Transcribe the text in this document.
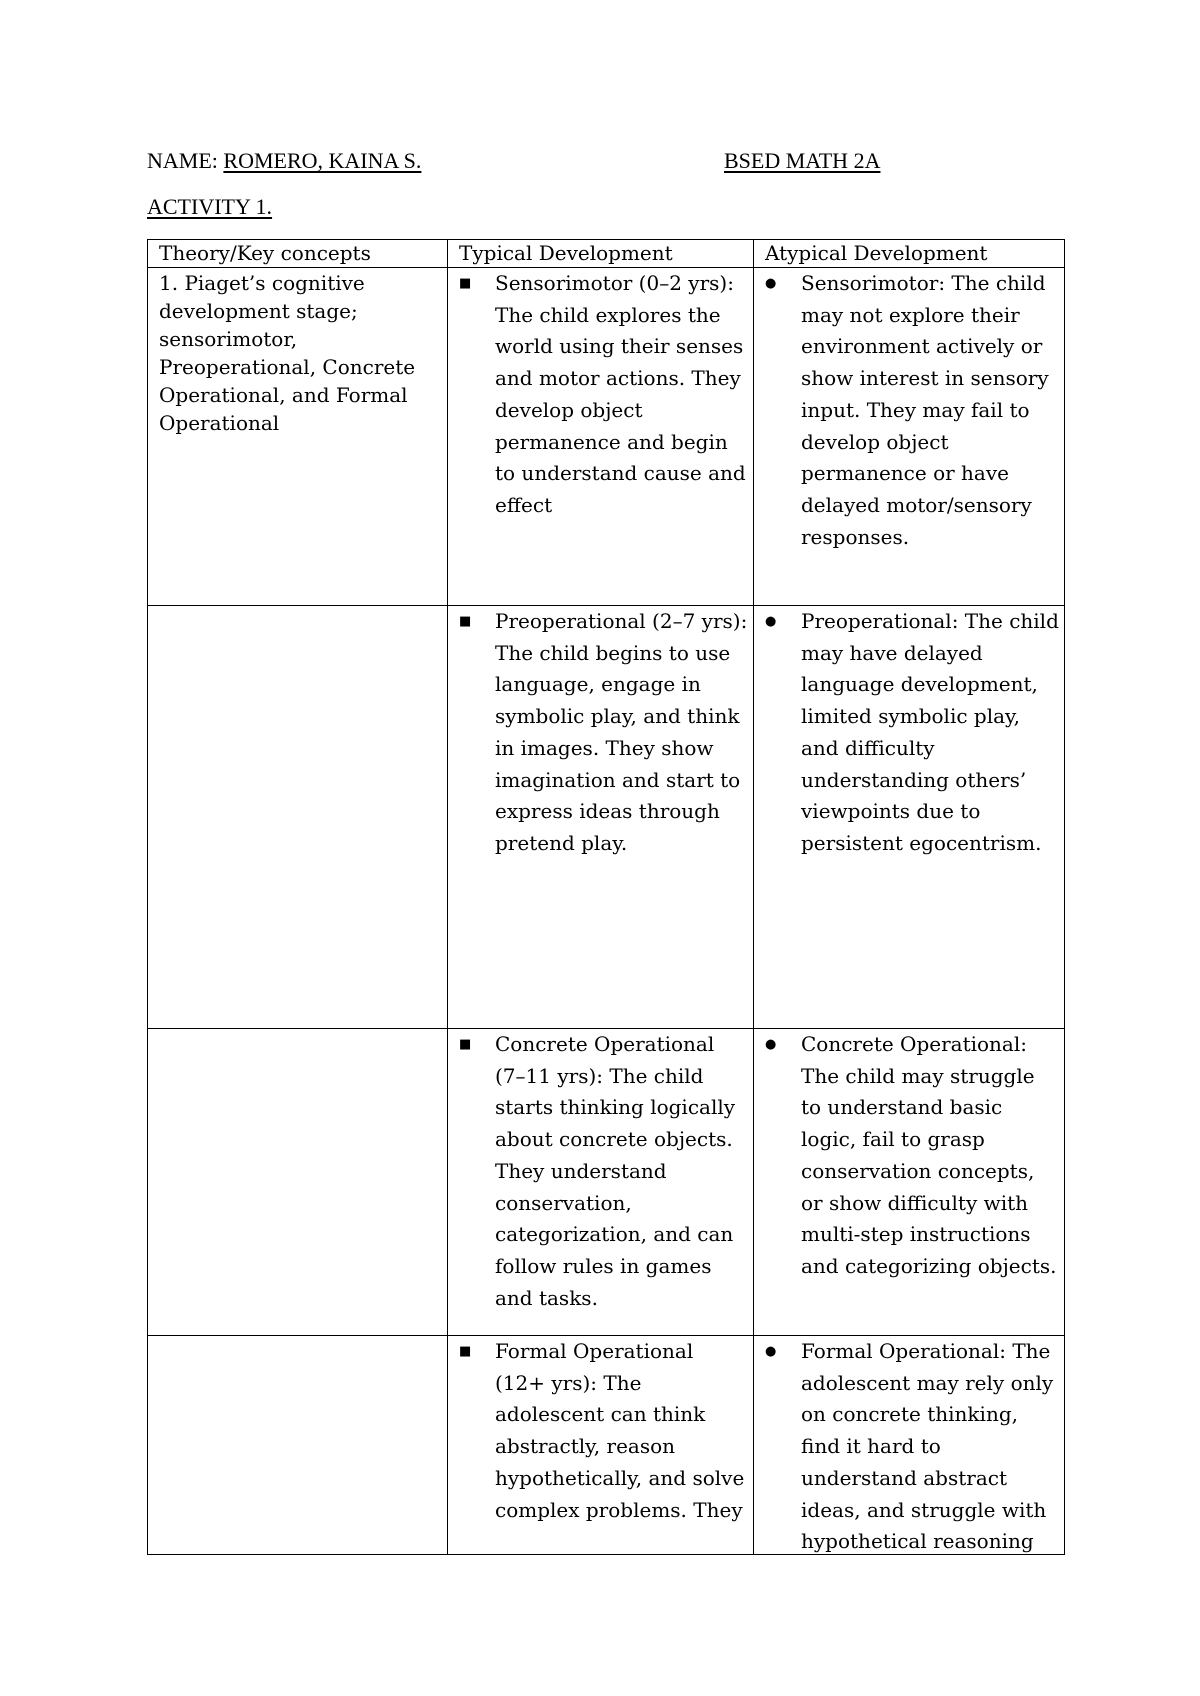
NAME: ROMERO, KAINA S.	BSED MATH 2A
ACTIVITY 1.
Theory/Key concepts	Typical Development	Atypical Development

1. Piaget’s cognitive development stage; sensorimotor, Preoperational, Concrete Operational, and Formal Operational	■ Sensorimotor (0–2 yrs): The child explores the world using their senses and motor actions. They develop object permanence and begin to understand cause and effect	● Sensorimotor: The child may not explore their environment actively or show interest in sensory input. They may fail to develop object permanence or have delayed motor/sensory responses.

	■ Preoperational (2–7 yrs): The child begins to use language, engage in symbolic play, and think in images. They show imagination and start to express ideas through pretend play.	● Preoperational: The child may have delayed language development, limited symbolic play, and difficulty understanding others’ viewpoints due to persistent egocentrism.

	■ Concrete Operational (7–11 yrs): The child starts thinking logically about concrete objects. They understand conservation, categorization, and can follow rules in games and tasks.	● Concrete Operational: The child may struggle to understand basic logic, fail to grasp conservation concepts, or show difficulty with multi-step instructions and categorizing objects.

	■ Formal Operational (12+ yrs): The adolescent can think abstractly, reason hypothetically, and solve complex problems. They	● Formal Operational: The adolescent may rely only on concrete thinking, find it hard to understand abstract ideas, and struggle with hypothetical reasoning
